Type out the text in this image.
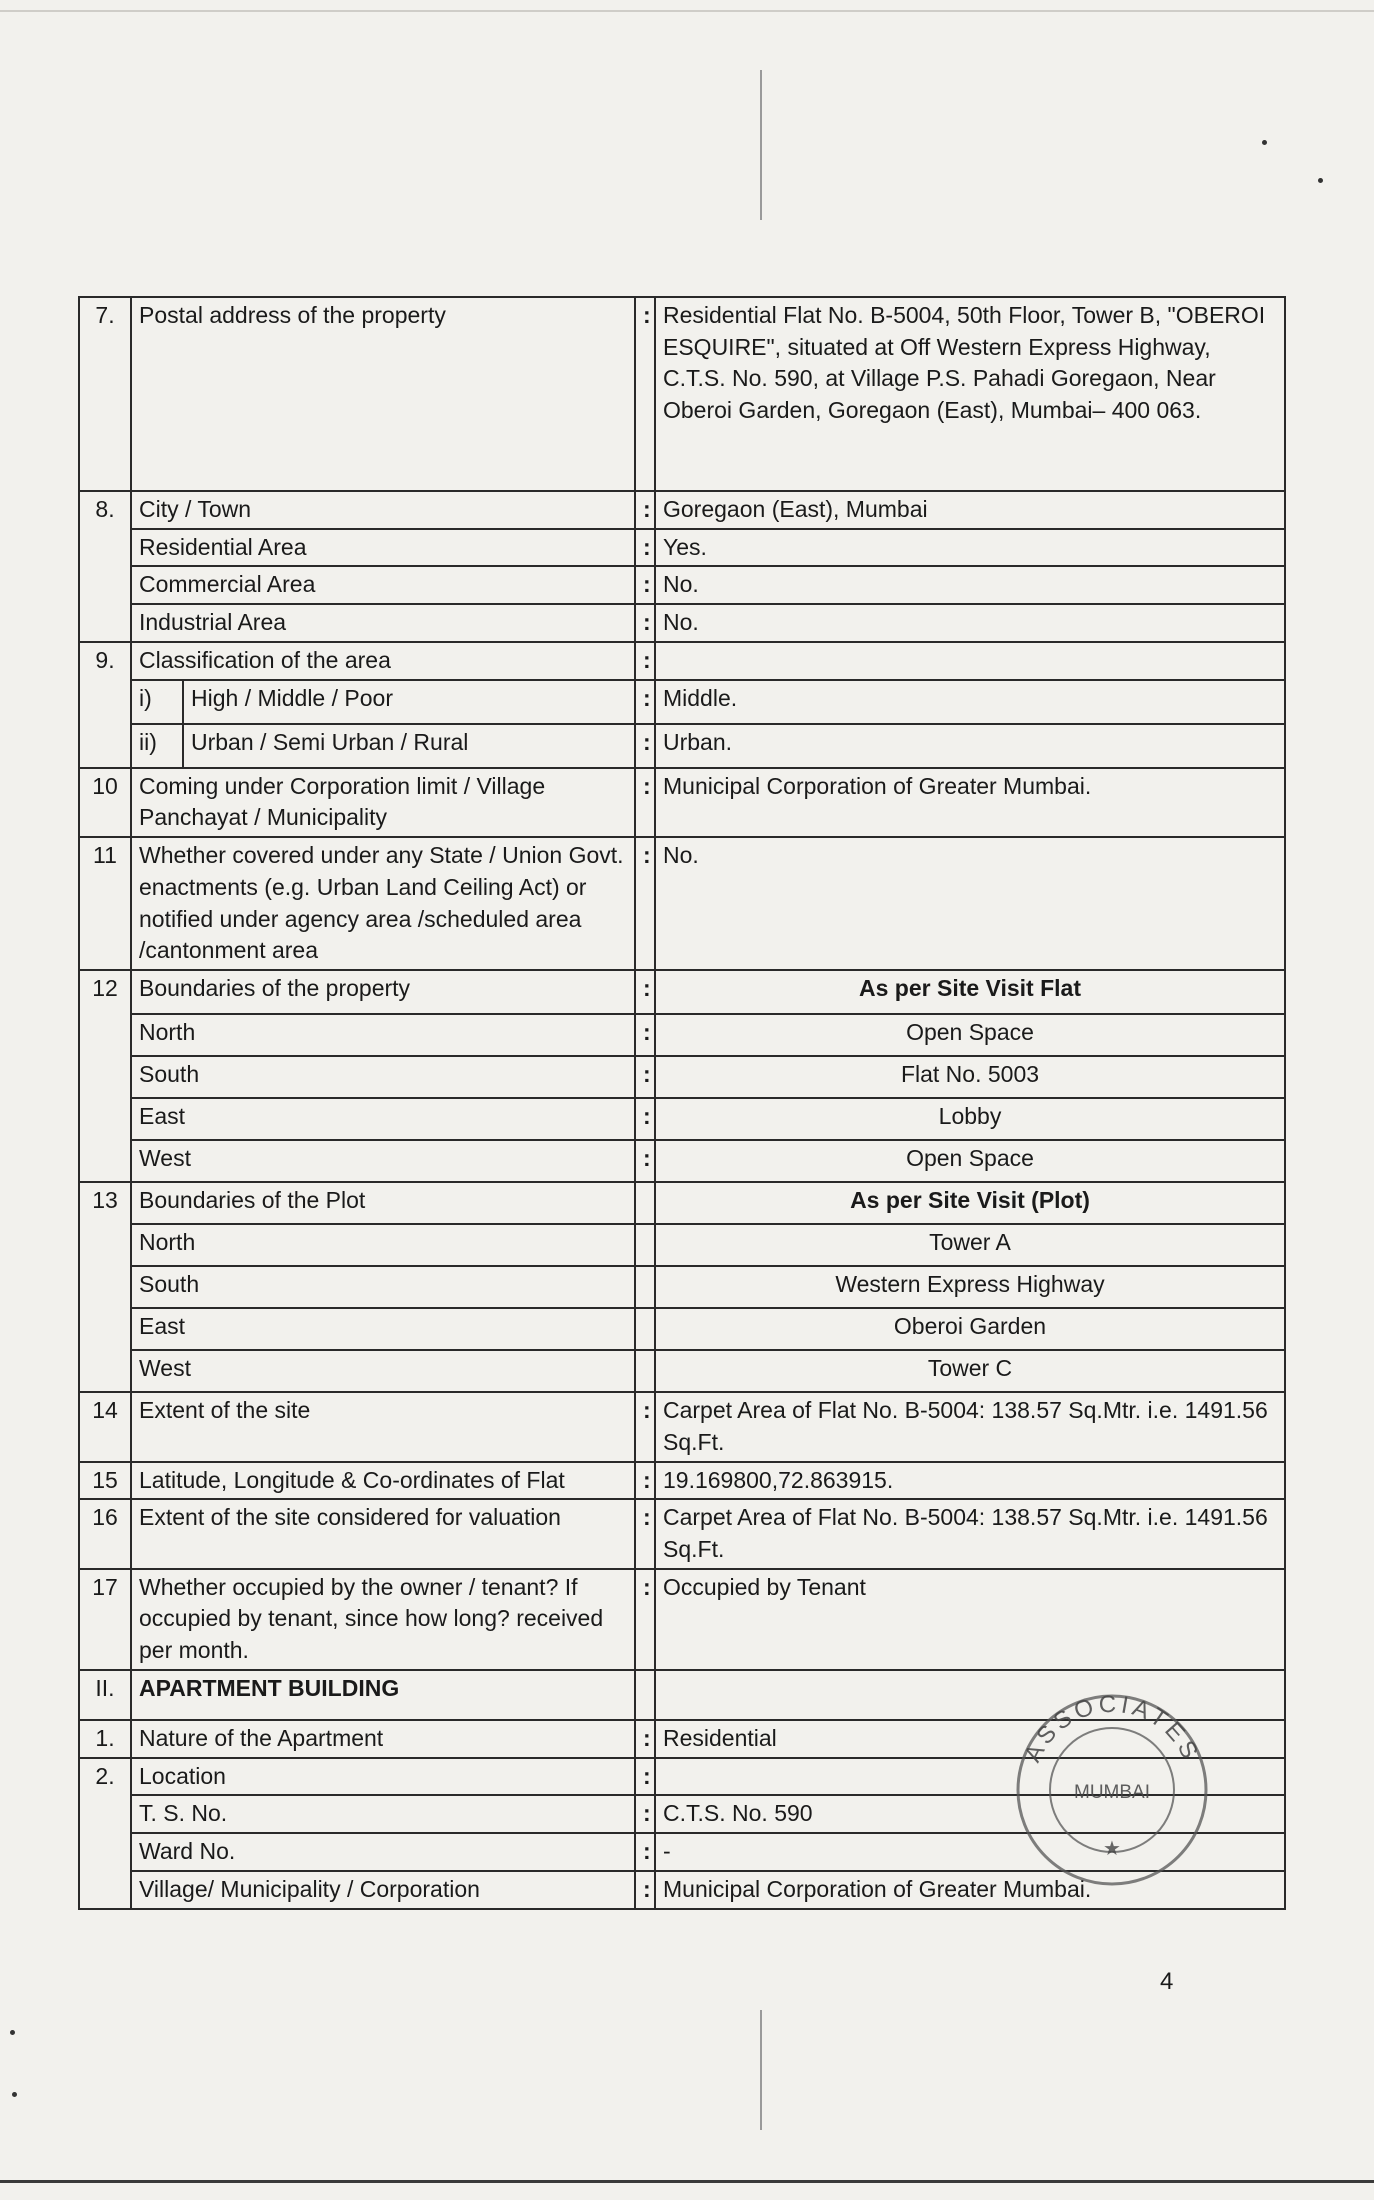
7.	Postal address of the property		:	Residential Flat No. B-5004, 50th Floor, Tower B, "OBEROI ESQUIRE", situated at Off Western Express Highway, C.T.S. No. 590, at Village P.S. Pahadi Goregaon, Near Oberoi Garden, Goregaon (East), Mumbai– 400 063.
8.	City / Town		:	Goregaon (East), Mumbai
	Residential Area		:	Yes.
	Commercial Area		:	No.
	Industrial Area		:	No.
9.	Classification of the area		:	
	i)	High / Middle / Poor	:	Middle.
	ii)	Urban / Semi Urban / Rural	:	Urban.
10	Coming under Corporation limit / Village Panchayat / Municipality		:	Municipal Corporation of Greater Mumbai.
11	Whether covered under any State / Union Govt. enactments (e.g. Urban Land Ceiling Act) or notified under agency area /scheduled area /cantonment area		:	No.
12	Boundaries of the property		:	As per Site Visit Flat
	North		:	Open Space
	South		:	Flat No. 5003
	East		:	Lobby
	West		:	Open Space
13	Boundaries of the Plot			As per Site Visit (Plot)
	North			Tower A
	South			Western Express Highway
	East			Oberoi Garden
	West			Tower C
14	Extent of the site		:	Carpet Area of Flat No. B-5004: 138.57 Sq.Mtr. i.e. 1491.56 Sq.Ft.
15	Latitude, Longitude & Co-ordinates of Flat		:	19.169800,72.863915.
16	Extent of the site considered for valuation		:	Carpet Area of Flat No. B-5004: 138.57 Sq.Mtr. i.e. 1491.56 Sq.Ft.
17	Whether occupied by the owner / tenant? If occupied by tenant, since how long? received per month.		:	Occupied by Tenant
II.	APARTMENT BUILDING			
1.	Nature of the Apartment		:	Residential
2.	Location		:	
	T. S. No.		:	C.T.S. No. 590
	Ward No.		:	-
	Village/ Municipality / Corporation		:	Municipal Corporation of Greater Mumbai.
ASSOCIATES
MUMBAI
★
4
